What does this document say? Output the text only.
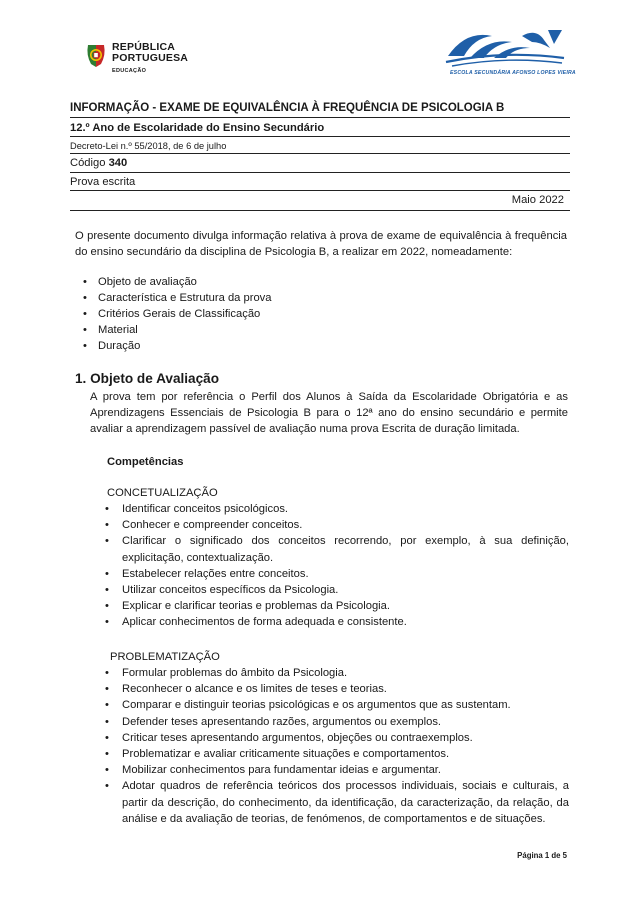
REPÚBLICA
PORTUGUESA
EDUCAÇÃO	ESCOLA SECUNDÁRIA AFONSO LOPES VIEIRA
INFORMAÇÃO - EXAME DE EQUIVALÊNCIA À FREQUÊNCIA DE PSICOLOGIA B
12.º Ano de Escolaridade do Ensino Secundário
Decreto-Lei n.º 55/2018, de 6 de julho
Código 340
Prova escrita
Maio 2022
O presente documento divulga informação relativa à prova de exame de equivalência à frequência do ensino secundário da disciplina de Psicologia B, a realizar em 2022, nomeadamente:
• Objeto de avaliação
• Característica e Estrutura da prova
• Critérios Gerais de Classificação
• Material
• Duração
1. Objeto de Avaliação
A prova tem por referência o Perfil dos Alunos à Saída da Escolaridade Obrigatória e as Aprendizagens Essenciais de Psicologia B para o 12ª ano do ensino secundário e permite avaliar a aprendizagem passível de avaliação numa prova Escrita de duração limitada.
Competências
CONCETUALIZAÇÃO
• Identificar conceitos psicológicos.
• Conhecer e compreender conceitos.
• Clarificar o significado dos conceitos recorrendo, por exemplo, à sua definição, explicitação, contextualização.
• Estabelecer relações entre conceitos.
• Utilizar conceitos específicos da Psicologia.
• Explicar e clarificar teorias e problemas da Psicologia.
• Aplicar conhecimentos de forma adequada e consistente.
PROBLEMATIZAÇÃO
• Formular problemas do âmbito da Psicologia.
• Reconhecer o alcance e os limites de teses e teorias.
• Comparar e distinguir teorias psicológicas e os argumentos que as sustentam.
• Defender teses apresentando razões, argumentos ou exemplos.
• Criticar teses apresentando argumentos, objeções ou contraexemplos.
• Problematizar e avaliar criticamente situações e comportamentos.
• Mobilizar conhecimentos para fundamentar ideias e argumentar.
• Adotar quadros de referência teóricos dos processos individuais, sociais e culturais, a partir da descrição, do conhecimento, da identificação, da caracterização, da relação, da análise e da avaliação de teorias, de fenómenos, de comportamentos e de situações.
Página 1 de 5
